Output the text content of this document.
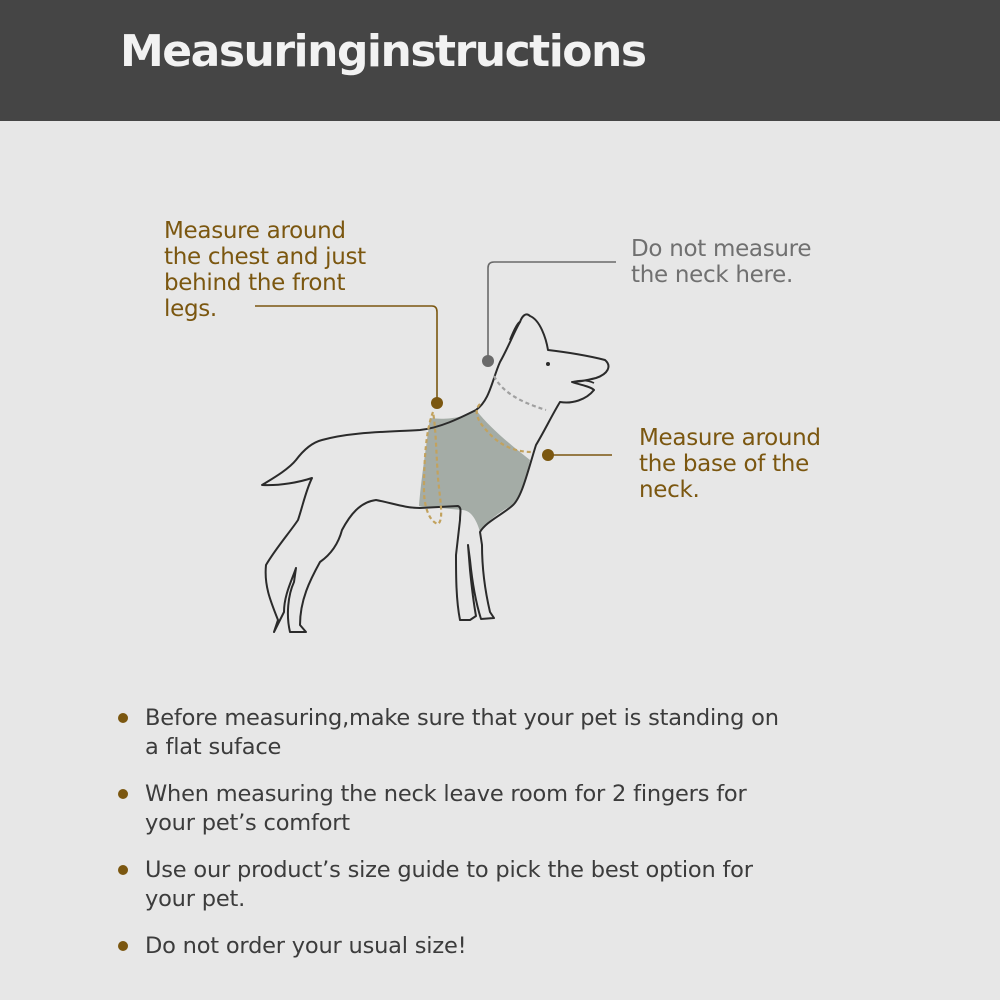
Measuringinstructions
Measure around
the chest and just
behind the front
legs.
Do not measure
the neck here.
Measure around
the base of the
neck.
Before measuring,make sure that your pet is standing on
a flat suface
When measuring the neck leave room for 2 fingers for
your pet’s comfort
Use our product’s size guide to pick the best option for
your pet.
Do not order your usual size!
